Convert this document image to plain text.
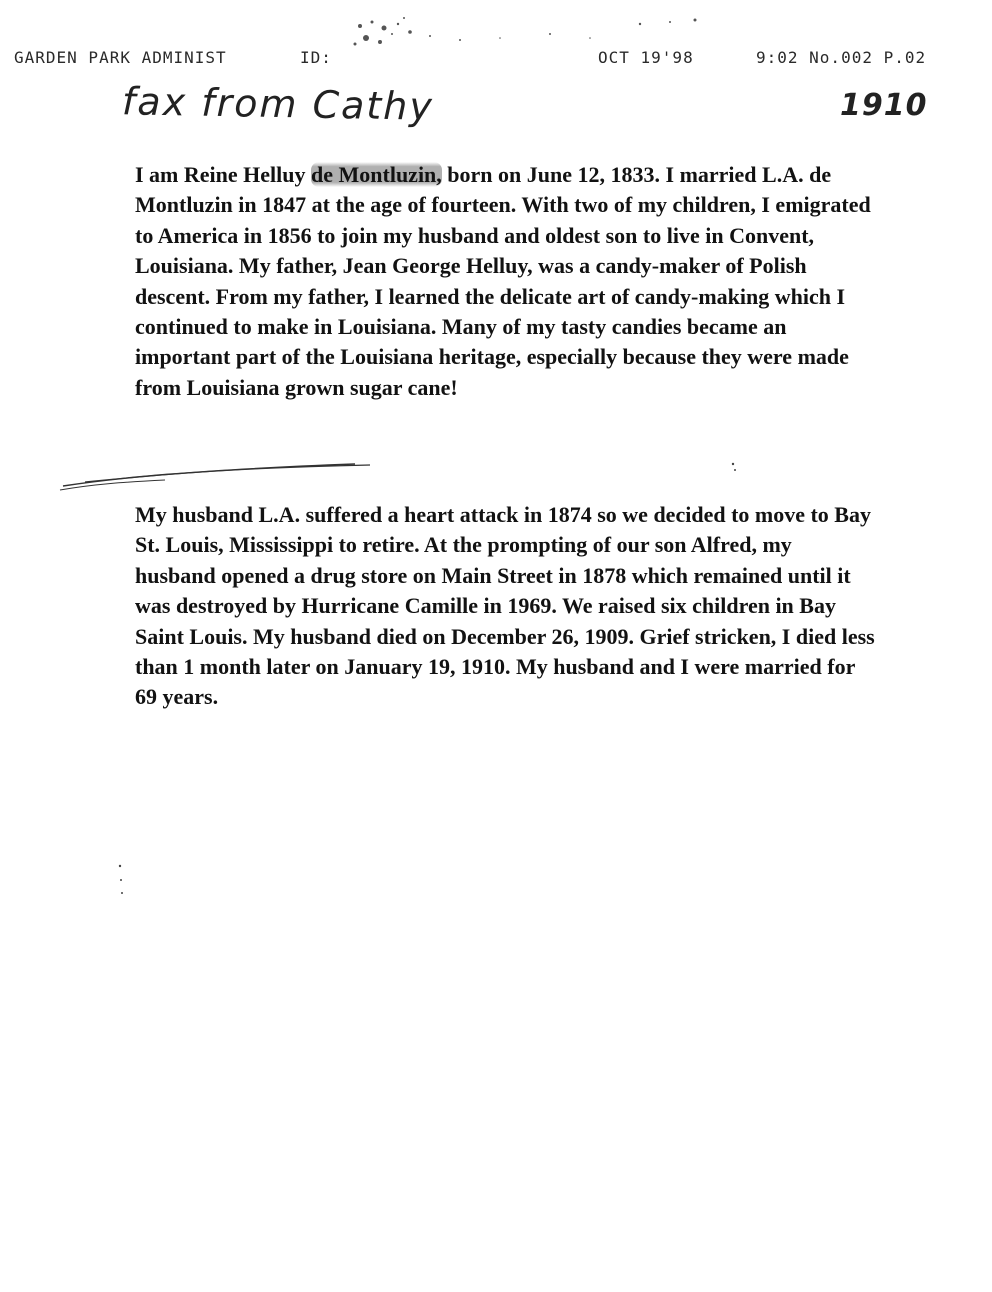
GARDEN PARK ADMINIST	ID:	OCT 19'98	9:02 No.002 P.02
fax from Cathy	1910

I am Reine Helluy de Montluzin, born on June 12, 1833. I married L.A. de Montluzin in 1847 at the age of fourteen. With two of my children, I emigrated to America in 1856 to join my husband and oldest son to live in Convent, Louisiana. My father, Jean George Helluy, was a candy-maker of Polish descent. From my father, I learned the delicate art of candy-making which I continued to make in Louisiana. Many of my tasty candies became an important part of the Louisiana heritage, especially because they were made from Louisiana grown sugar cane!

My husband L.A. suffered a heart attack in 1874 so we decided to move to Bay St. Louis, Mississippi to retire. At the prompting of our son Alfred, my husband opened a drug store on Main Street in 1878 which remained until it was destroyed by Hurricane Camille in 1969. We raised six children in Bay Saint Louis. My husband died on December 26, 1909. Grief stricken, I died less than 1 month later on January 19, 1910. My husband and I were married for 69 years.
